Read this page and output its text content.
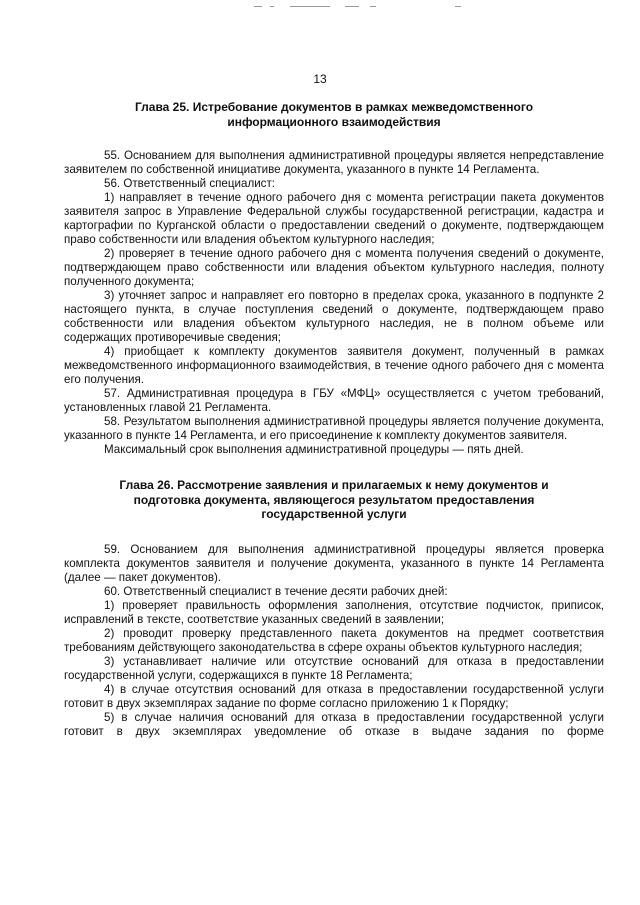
13
Глава 25. Истребование документов в рамках межведомственного
информационного взаимодействия

55. Основанием для выполнения административной процедуры является непредставление заявителем по собственной инициативе документа, указанного в пункте 14 Регламента.

56. Ответственный специалист:

1) направляет в течение одного рабочего дня с момента регистрации пакета документов заявителя запрос в Управление Федеральной службы государственной регистрации, кадастра и картографии по Курганской области о предоставлении сведений о документе, подтверждающем право собственности или владения объектом культурного наследия;

2) проверяет в течение одного рабочего дня с момента получения сведений о документе, подтверждающем право собственности или владения объектом культурного наследия, полноту полученного документа;

3) уточняет запрос и направляет его повторно в пределах срока, указанного в подпункте 2 настоящего пункта, в случае поступления сведений о документе, подтверждающем право собственности или владения объектом культурного наследия, не в полном объеме или содержащих противоречивые сведения;

4) приобщает к комплекту документов заявителя документ, полученный в рамках межведомственного информационного взаимодействия, в течение одного рабочего дня с момента его получения.

57. Административная процедура в ГБУ «МФЦ» осуществляется с учетом требований, установленных главой 21 Регламента.

58. Результатом выполнения административной процедуры является получение документа, указанного в пункте 14 Регламента, и его присоединение к комплекту документов заявителя.

Максимальный срок выполнения административной процедуры — пять дней.

Глава 26. Рассмотрение заявления и прилагаемых к нему документов и
подготовка документа, являющегося результатом предоставления
государственной услуги

59. Основанием для выполнения административной процедуры является проверка комплекта документов заявителя и получение документа, указанного в пункте 14 Регламента (далее — пакет документов).

60. Ответственный специалист в течение десяти рабочих дней:

1) проверяет правильность оформления заполнения, отсутствие подчисток, приписок, исправлений в тексте, соответствие указанных сведений в заявлении;

2) проводит проверку представленного пакета документов на предмет соответствия требованиям действующего законодательства в сфере охраны объектов культурного наследия;

3) устанавливает наличие или отсутствие оснований для отказа в предоставлении государственной услуги, содержащихся в пункте 18 Регламента;

4) в случае отсутствия оснований для отказа в предоставлении государственной услуги готовит в двух экземплярах задание по форме согласно приложению 1 к Порядку;

5) в случае наличия оснований для отказа в предоставлении государственной услуги готовит в двух экземплярах уведомление об отказе в выдаче задания по форме
